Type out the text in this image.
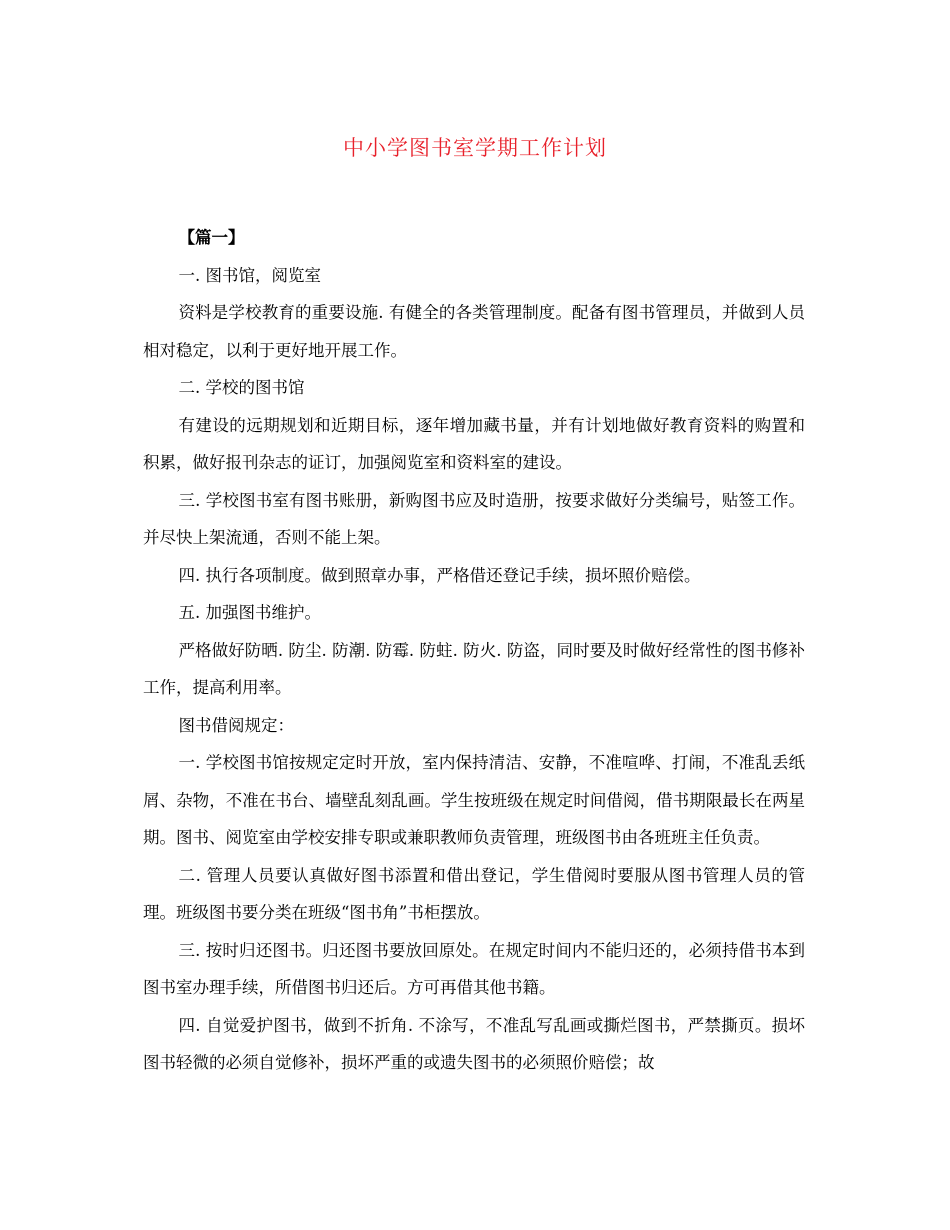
中小学图书室学期工作计划

【篇一】

一. 图书馆，阅览室

资料是学校教育的重要设施. 有健全的各类管理制度。配备有图书管理员，并做到人员相对稳定，以利于更好地开展工作。

二. 学校的图书馆

有建设的远期规划和近期目标，逐年增加藏书量，并有计划地做好教育资料的购置和积累，做好报刊杂志的证订，加强阅览室和资料室的建设。

三. 学校图书室有图书账册，新购图书应及时造册，按要求做好分类编号，贴签工作。并尽快上架流通，否则不能上架。

四. 执行各项制度。做到照章办事，严格借还登记手续，损坏照价赔偿。

五. 加强图书维护。

严格做好防晒. 防尘. 防潮. 防霉. 防蛀. 防火. 防盗，同时要及时做好经常性的图书修补工作，提高利用率。

图书借阅规定：

一. 学校图书馆按规定定时开放，室内保持清洁、安静，不准喧哗、打闹，不准乱丢纸屑、杂物，不准在书台、墙壁乱刻乱画。学生按班级在规定时间借阅，借书期限最长在两星期。图书、阅览室由学校安排专职或兼职教师负责管理，班级图书由各班班主任负责。

二. 管理人员要认真做好图书添置和借出登记，学生借阅时要服从图书管理人员的管理。班级图书要分类在班级“图书角”书柜摆放。

三. 按时归还图书。归还图书要放回原处。在规定时间内不能归还的，必须持借书本到图书室办理手续，所借图书归还后。方可再借其他书籍。

四. 自觉爱护图书，做到不折角. 不涂写，不准乱写乱画或撕烂图书，严禁撕页。损坏图书轻微的必须自觉修补，损坏严重的或遗失图书的必须照价赔偿；故
